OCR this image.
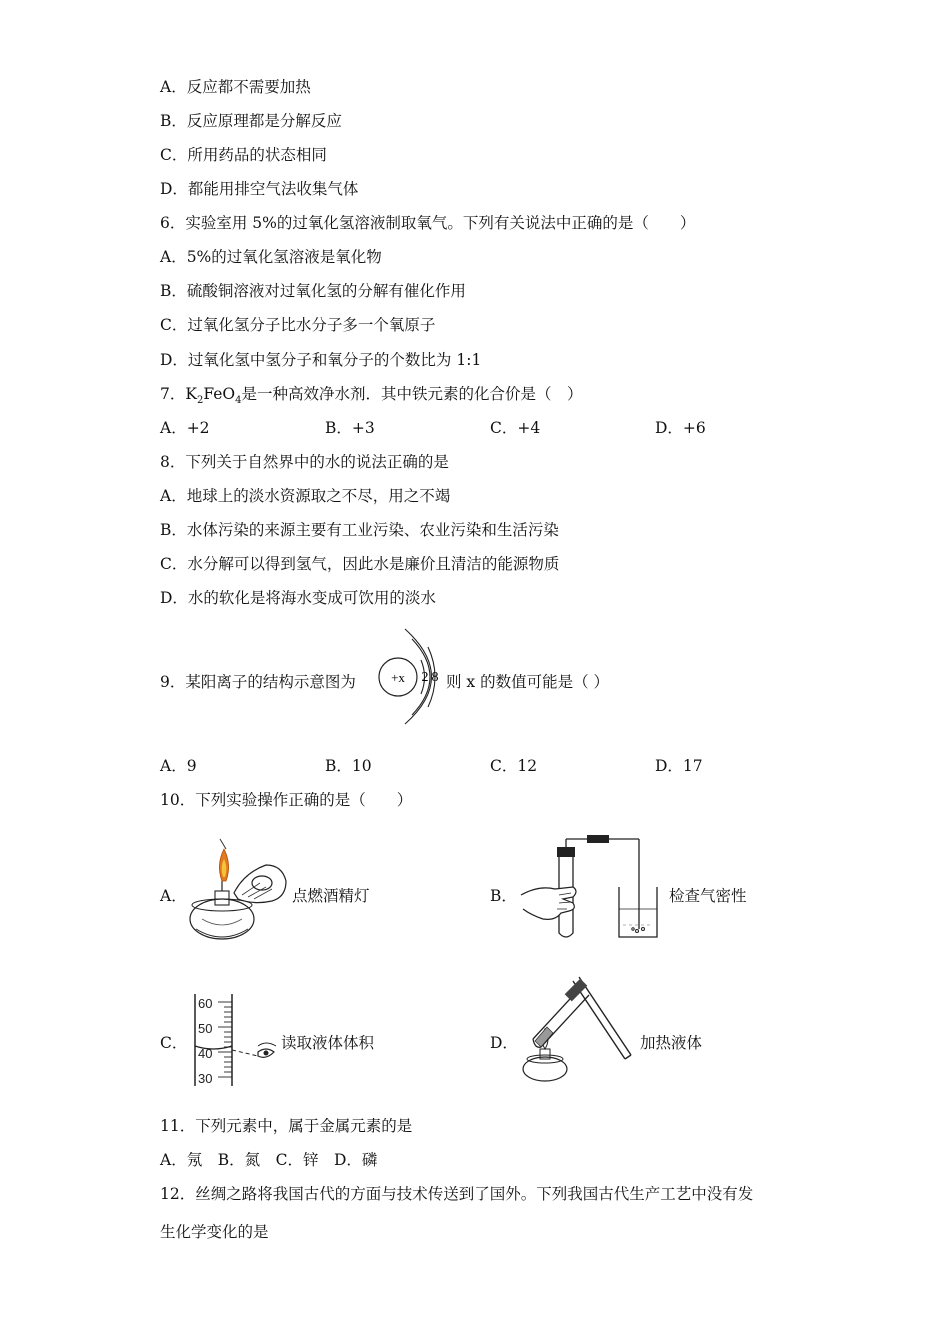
A．反应都不需要加热
B．反应原理都是分解反应
C．所用药品的状态相同
D．都能用排空气法收集气体
6．实验室用 5%的过氧化氢溶液制取氧气。下列有关说法中正确的是（　　）
A．5%的过氧化氢溶液是氧化物
B．硫酸铜溶液对过氧化氢的分解有催化作用
C．过氧化氢分子比水分子多一个氧原子
D．过氧化氢中氢分子和氧分子的个数比为 1:1
7．$K_2FeO_4$是一种高效净水剂．其中铁元素的化合价是（　）
A．+2	B．+3	C．+4	D．+6
8．下列关于自然界中的水的说法正确的是
A．地球上的淡水资源取之不尽，用之不竭
B．水体污染的来源主要有工业污染、农业污染和生活污染
C．水分解可以得到氢气，因此水是廉价且清洁的能源物质
D．水的软化是将海水变成可饮用的淡水
9．某阳离子的结构示意图为	+x 2 8 则 x 的数值可能是（ ）
A．9	B．10	C．12	D．17
10．下列实验操作正确的是（　　）
A．	点燃酒精灯	B．	检查气密性
C．
60
50
40
30
读取液体体积	D．	加热液体
11．下列元素中，属于金属元素的是
A．氖　B．氮　C．锌　D．磷
12．丝绸之路将我国古代的方面与技术传送到了国外。下列我国古代生产工艺中没有发
生化学变化的是
